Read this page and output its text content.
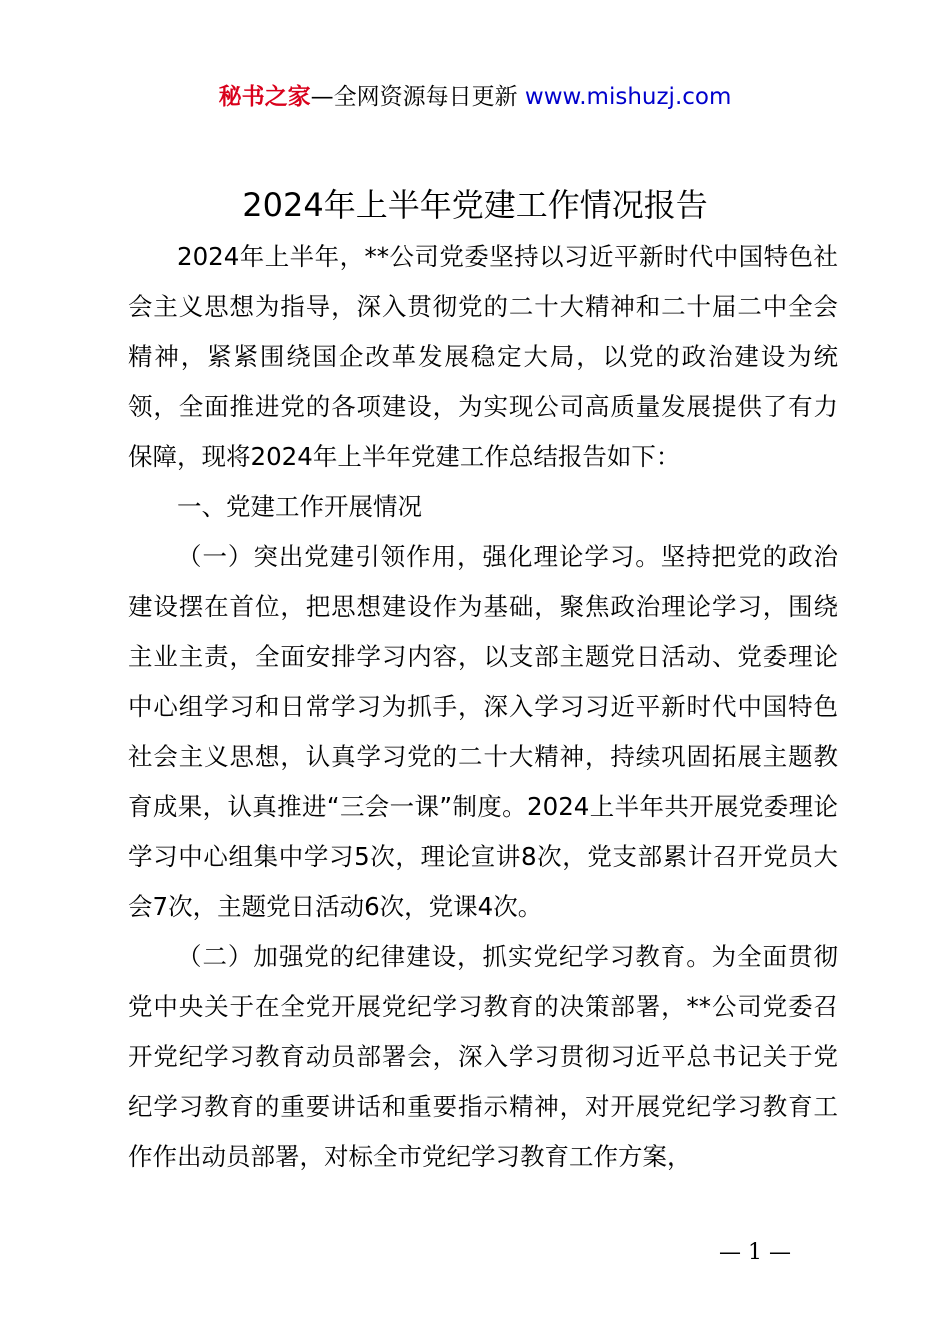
秘书之家—全网资源每日更新 www.mishuzj.com
2024年上半年党建工作情况报告

2024年上半年，**公司党委坚持以习近平新时代中国特色社会主义思想为指导，深入贯彻党的二十大精神和二十届二中全会精神，紧紧围绕国企改革发展稳定大局，以党的政治建设为统领，全面推进党的各项建设，为实现公司高质量发展提供了有力保障，现将2024年上半年党建工作总结报告如下：

一、党建工作开展情况

（一）突出党建引领作用，强化理论学习。坚持把党的政治建设摆在首位，把思想建设作为基础，聚焦政治理论学习，围绕主业主责，全面安排学习内容，以支部主题党日活动、党委理论中心组学习和日常学习为抓手，深入学习习近平新时代中国特色社会主义思想，认真学习党的二十大精神，持续巩固拓展主题教育成果，认真推进“三会一课”制度。2024上半年共开展党委理论学习中心组集中学习5次，理论宣讲8次，党支部累计召开党员大会7次，主题党日活动6次，党课4次。

（二）加强党的纪律建设，抓实党纪学习教育。为全面贯彻党中央关于在全党开展党纪学习教育的决策部署，**公司党委召开党纪学习教育动员部署会，深入学习贯彻习近平总书记关于党纪学习教育的重要讲话和重要指示精神，对开展党纪学习教育工作作出动员部署，对标全市党纪学习教育工作方案，

— 1 —
